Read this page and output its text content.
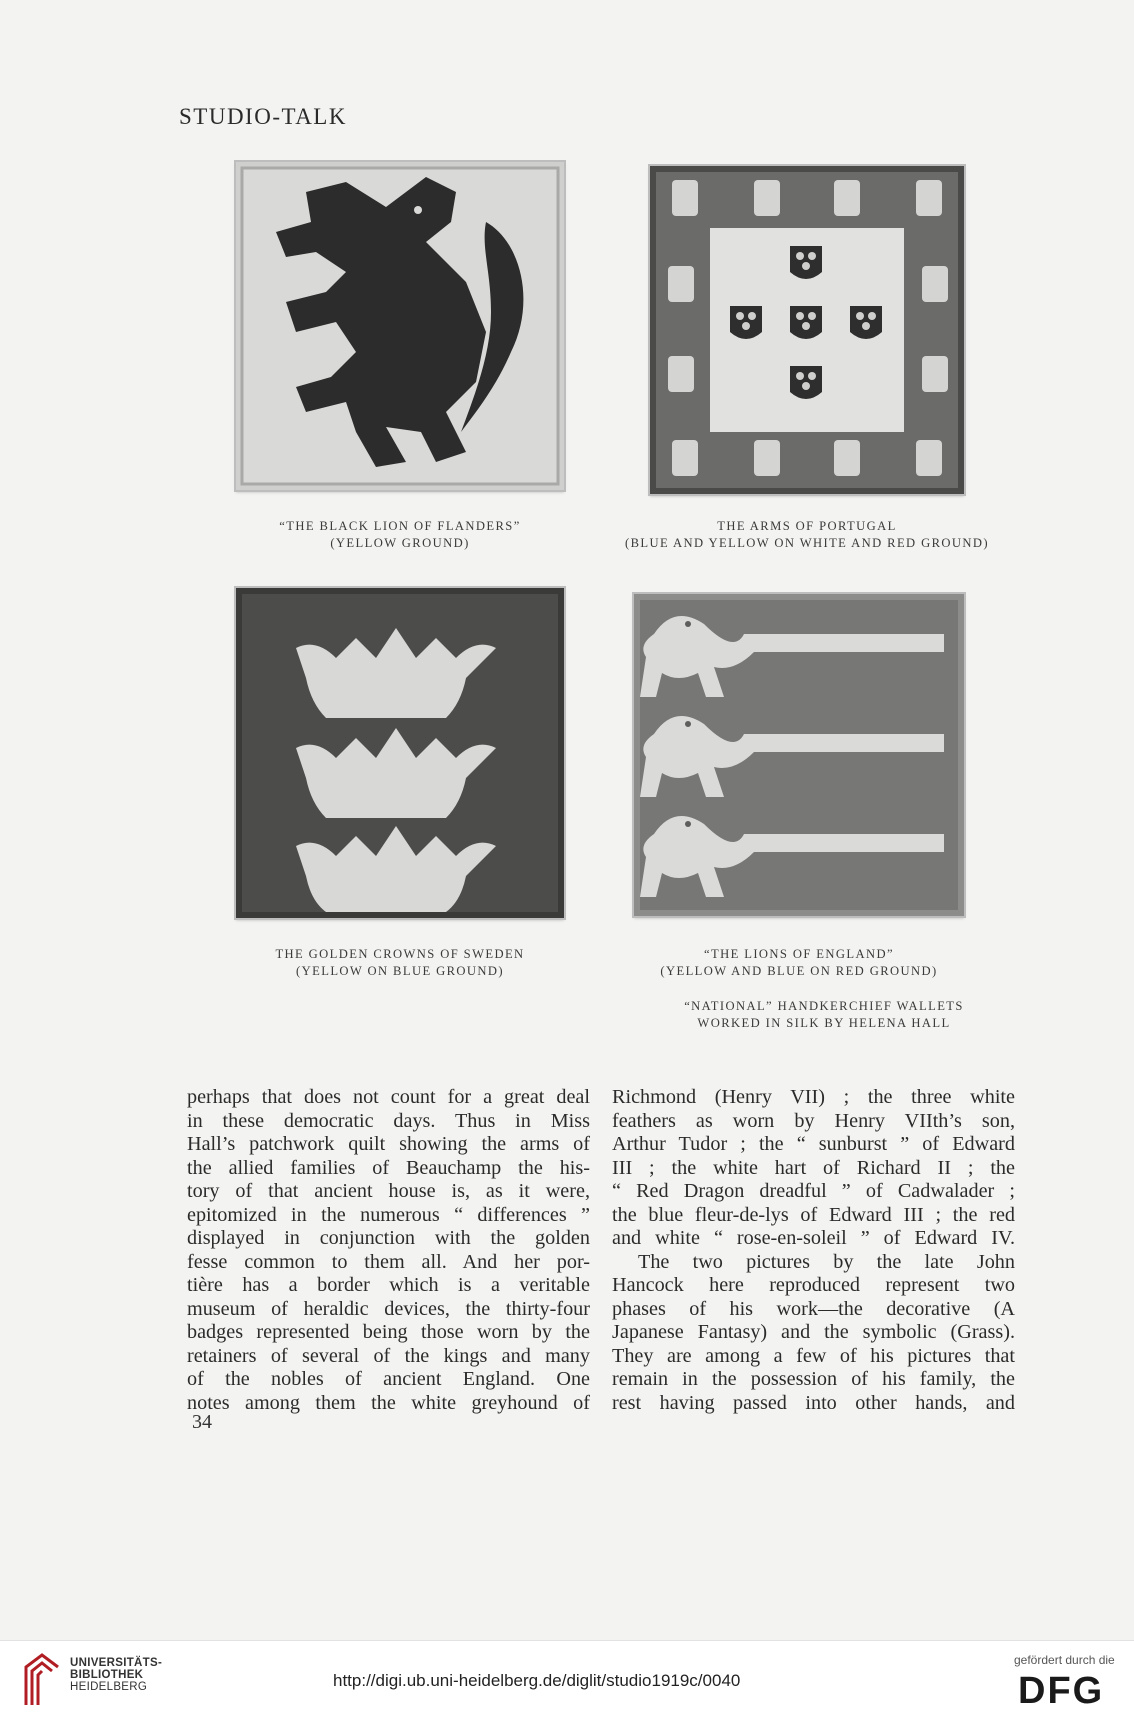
STUDIO-TALK
“THE BLACK LION OF FLANDERS”
(YELLOW GROUND)
THE ARMS OF PORTUGAL
(BLUE AND YELLOW ON WHITE AND RED GROUND)
THE GOLDEN CROWNS OF SWEDEN
(YELLOW ON BLUE GROUND)
“THE LIONS OF ENGLAND”
(YELLOW AND BLUE ON RED GROUND)
“NATIONAL” HANDKERCHIEF WALLETS
WORKED IN SILK BY HELENA HALL
perhaps that does not count for a great deal
in these democratic days. Thus in Miss
Hall’s patchwork quilt showing the arms of
the allied families of Beauchamp the his-
tory of that ancient house is, as it were,
epitomized in the numerous “ differences ”
displayed in conjunction with the golden
fesse common to them all. And her por-
tière has a border which is a veritable
museum of heraldic devices, the thirty-four
badges represented being those worn by the
retainers of several of the kings and many
of the nobles of ancient England. One
notes among them the white greyhound of
Richmond (Henry VII) ; the three white
feathers as worn by Henry VIIth’s son,
Arthur Tudor ; the “ sunburst ” of Edward
III ; the white hart of Richard II ; the
“ Red Dragon dreadful ” of Cadwalader ;
the blue fleur-de-lys of Edward III ; the red
and white “ rose-en-soleil ” of Edward IV.
The two pictures by the late John
Hancock here reproduced represent two
phases of his work—the decorative (A
Japanese Fantasy) and the symbolic (Grass).
They are among a few of his pictures that
remain in the possession of his family, the
rest having passed into other hands, and
34
UNIVERSITÄTS-
BIBLIOTHEK
HEIDELBERG	http://digi.ub.uni-heidelberg.de/diglit/studio1919c/0040
gefördert durch die
DFG
